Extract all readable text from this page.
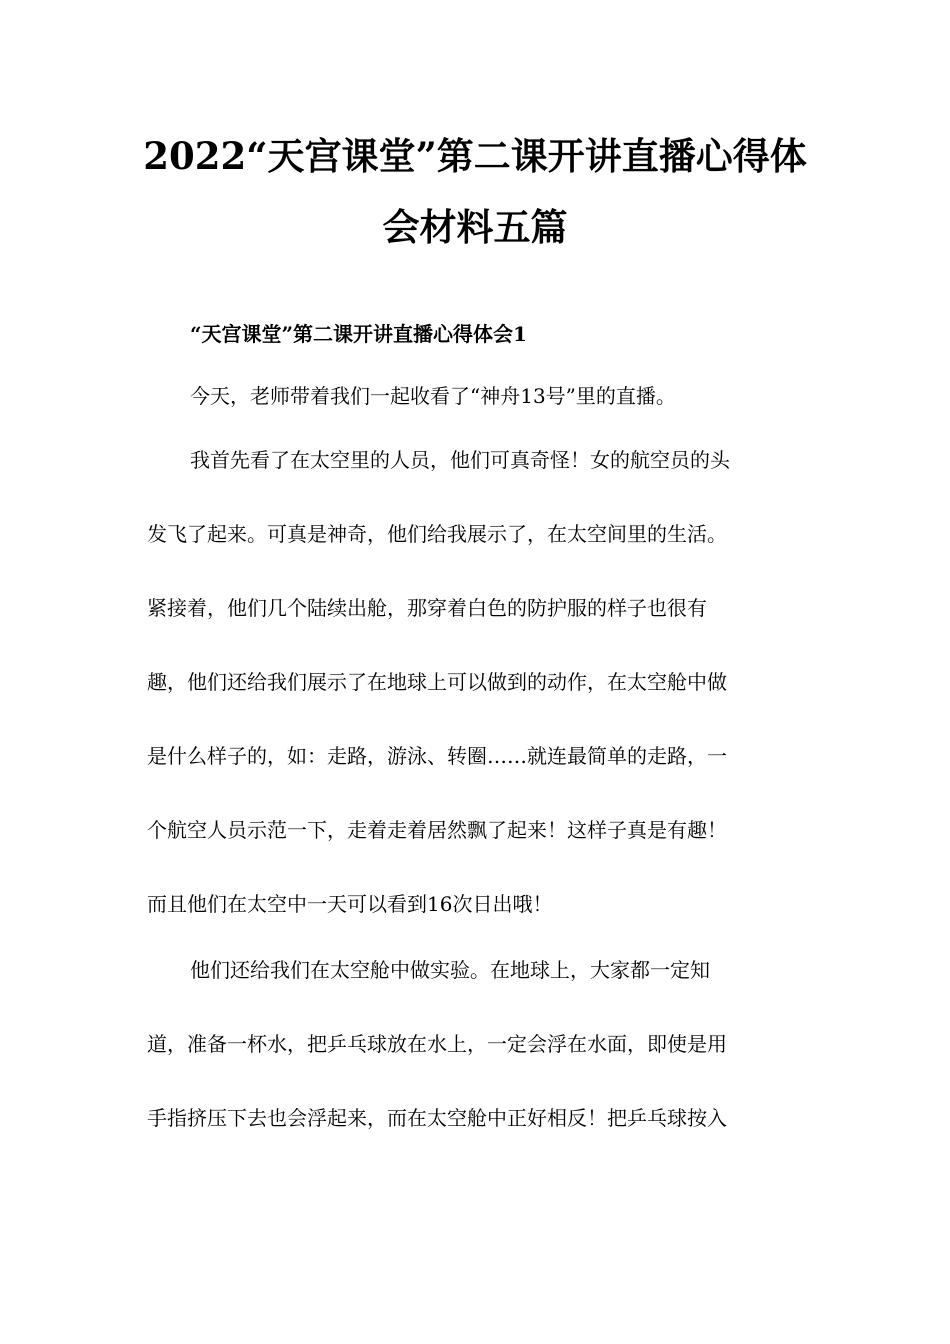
2022“天宫课堂”第二课开讲直播心得体
会材料五篇
“天宫课堂”第二课开讲直播心得体会1
今天，老师带着我们一起收看了“神舟13号”里的直播。
我首先看了在太空里的人员，他们可真奇怪！女的航空员的头
发飞了起来。可真是神奇，他们给我展示了，在太空间里的生活。
紧接着，他们几个陆续出舱，那穿着白色的防护服的样子也很有
趣，他们还给我们展示了在地球上可以做到的动作，在太空舱中做
是什么样子的，如：走路，游泳、转圈……就连最简单的走路，一
个航空人员示范一下，走着走着居然飘了起来！这样子真是有趣！
而且他们在太空中一天可以看到16次日出哦！
他们还给我们在太空舱中做实验。在地球上，大家都一定知
道，准备一杯水，把乒乓球放在水上，一定会浮在水面，即使是用
手指挤压下去也会浮起来，而在太空舱中正好相反！把乒乓球按入
